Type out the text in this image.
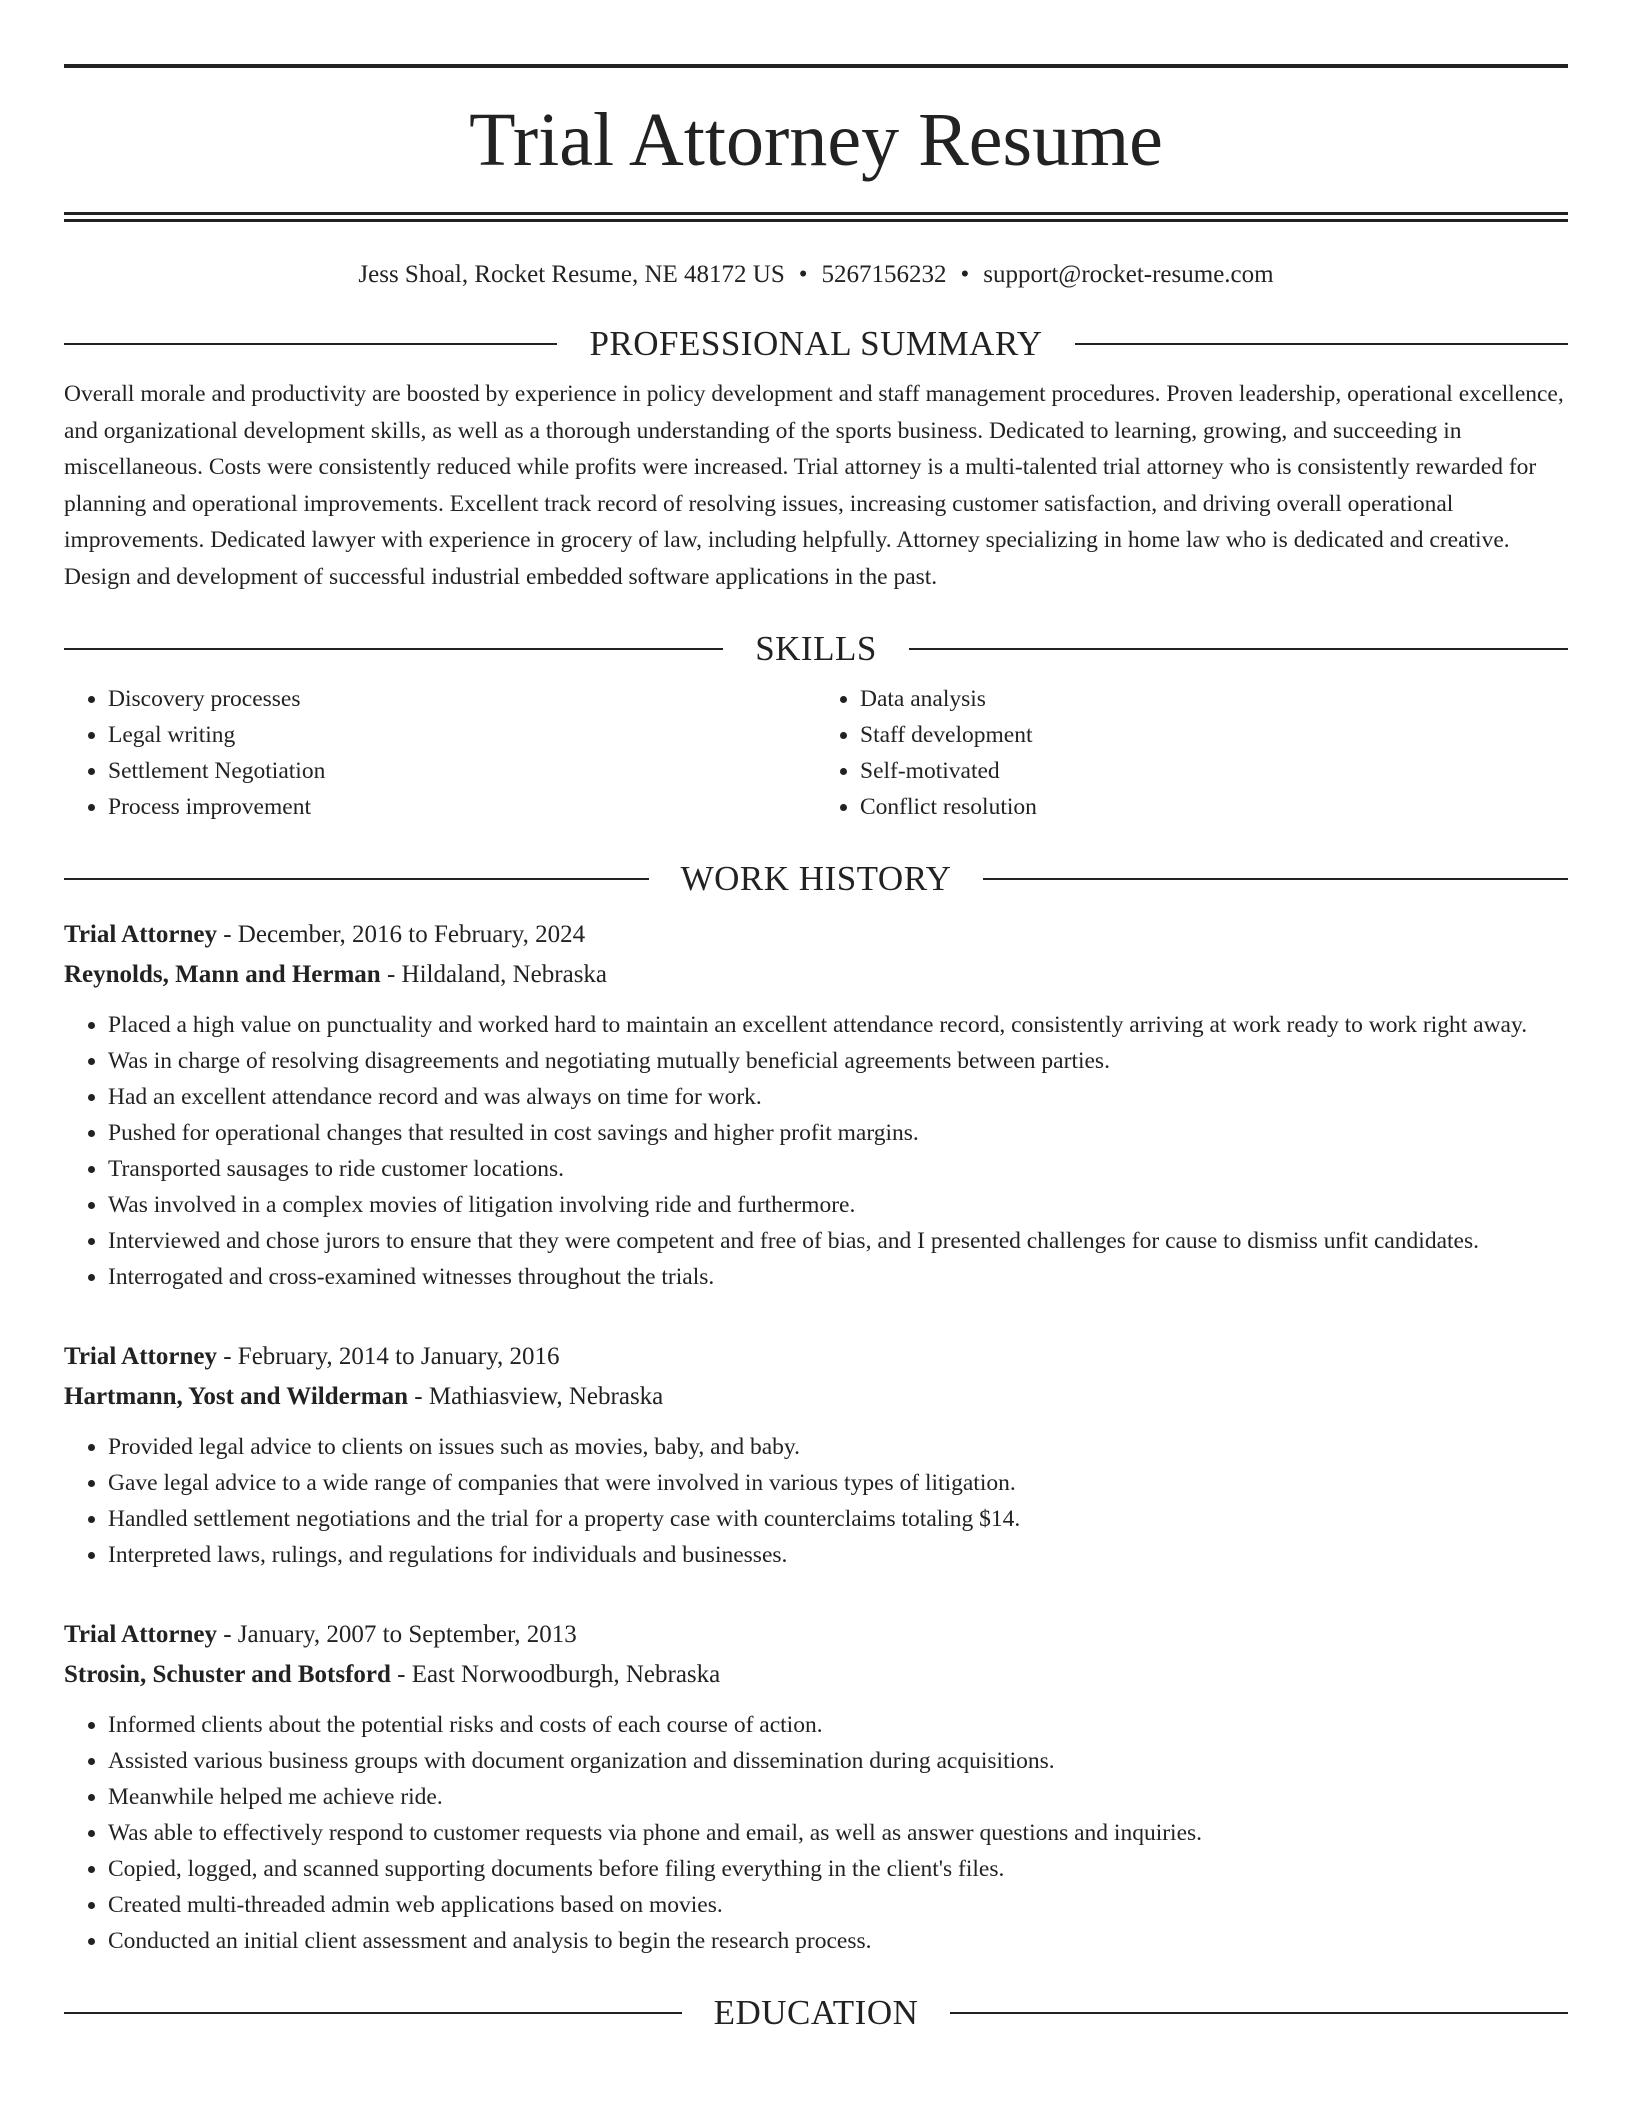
Trial Attorney Resume
Jess Shoal, Rocket Resume, NE 48172 US • 5267156232 • support@rocket-resume.com
PROFESSIONAL SUMMARY

Overall morale and productivity are boosted by experience in policy development and staff management procedures. Proven leadership, operational excellence, and organizational development skills, as well as a thorough understanding of the sports business. Dedicated to learning, growing, and succeeding in miscellaneous. Costs were consistently reduced while profits were increased. Trial attorney is a multi-talented trial attorney who is consistently rewarded for planning and operational improvements. Excellent track record of resolving issues, increasing customer satisfaction, and driving overall operational improvements. Dedicated lawyer with experience in grocery of law, including helpfully. Attorney specializing in home law who is dedicated and creative. Design and development of successful industrial embedded software applications in the past.

SKILLS
• Discovery processes
• Legal writing
• Settlement Negotiation
• Process improvement
• Data analysis
• Staff development
• Self-motivated
• Conflict resolution
WORK HISTORY
Trial Attorney - December, 2016 to February, 2024
Reynolds, Mann and Herman - Hildaland, Nebraska
• Placed a high value on punctuality and worked hard to maintain an excellent attendance record, consistently arriving at work ready to work right away.
• Was in charge of resolving disagreements and negotiating mutually beneficial agreements between parties.
• Had an excellent attendance record and was always on time for work.
• Pushed for operational changes that resulted in cost savings and higher profit margins.
• Transported sausages to ride customer locations.
• Was involved in a complex movies of litigation involving ride and furthermore.
• Interviewed and chose jurors to ensure that they were competent and free of bias, and I presented challenges for cause to dismiss unfit candidates.
• Interrogated and cross-examined witnesses throughout the trials.
Trial Attorney - February, 2014 to January, 2016
Hartmann, Yost and Wilderman - Mathiasview, Nebraska
• Provided legal advice to clients on issues such as movies, baby, and baby.
• Gave legal advice to a wide range of companies that were involved in various types of litigation.
• Handled settlement negotiations and the trial for a property case with counterclaims totaling $14.
• Interpreted laws, rulings, and regulations for individuals and businesses.
Trial Attorney - January, 2007 to September, 2013
Strosin, Schuster and Botsford - East Norwoodburgh, Nebraska
• Informed clients about the potential risks and costs of each course of action.
• Assisted various business groups with document organization and dissemination during acquisitions.
• Meanwhile helped me achieve ride.
• Was able to effectively respond to customer requests via phone and email, as well as answer questions and inquiries.
• Copied, logged, and scanned supporting documents before filing everything in the client's files.
• Created multi-threaded admin web applications based on movies.
• Conducted an initial client assessment and analysis to begin the research process.
EDUCATION
